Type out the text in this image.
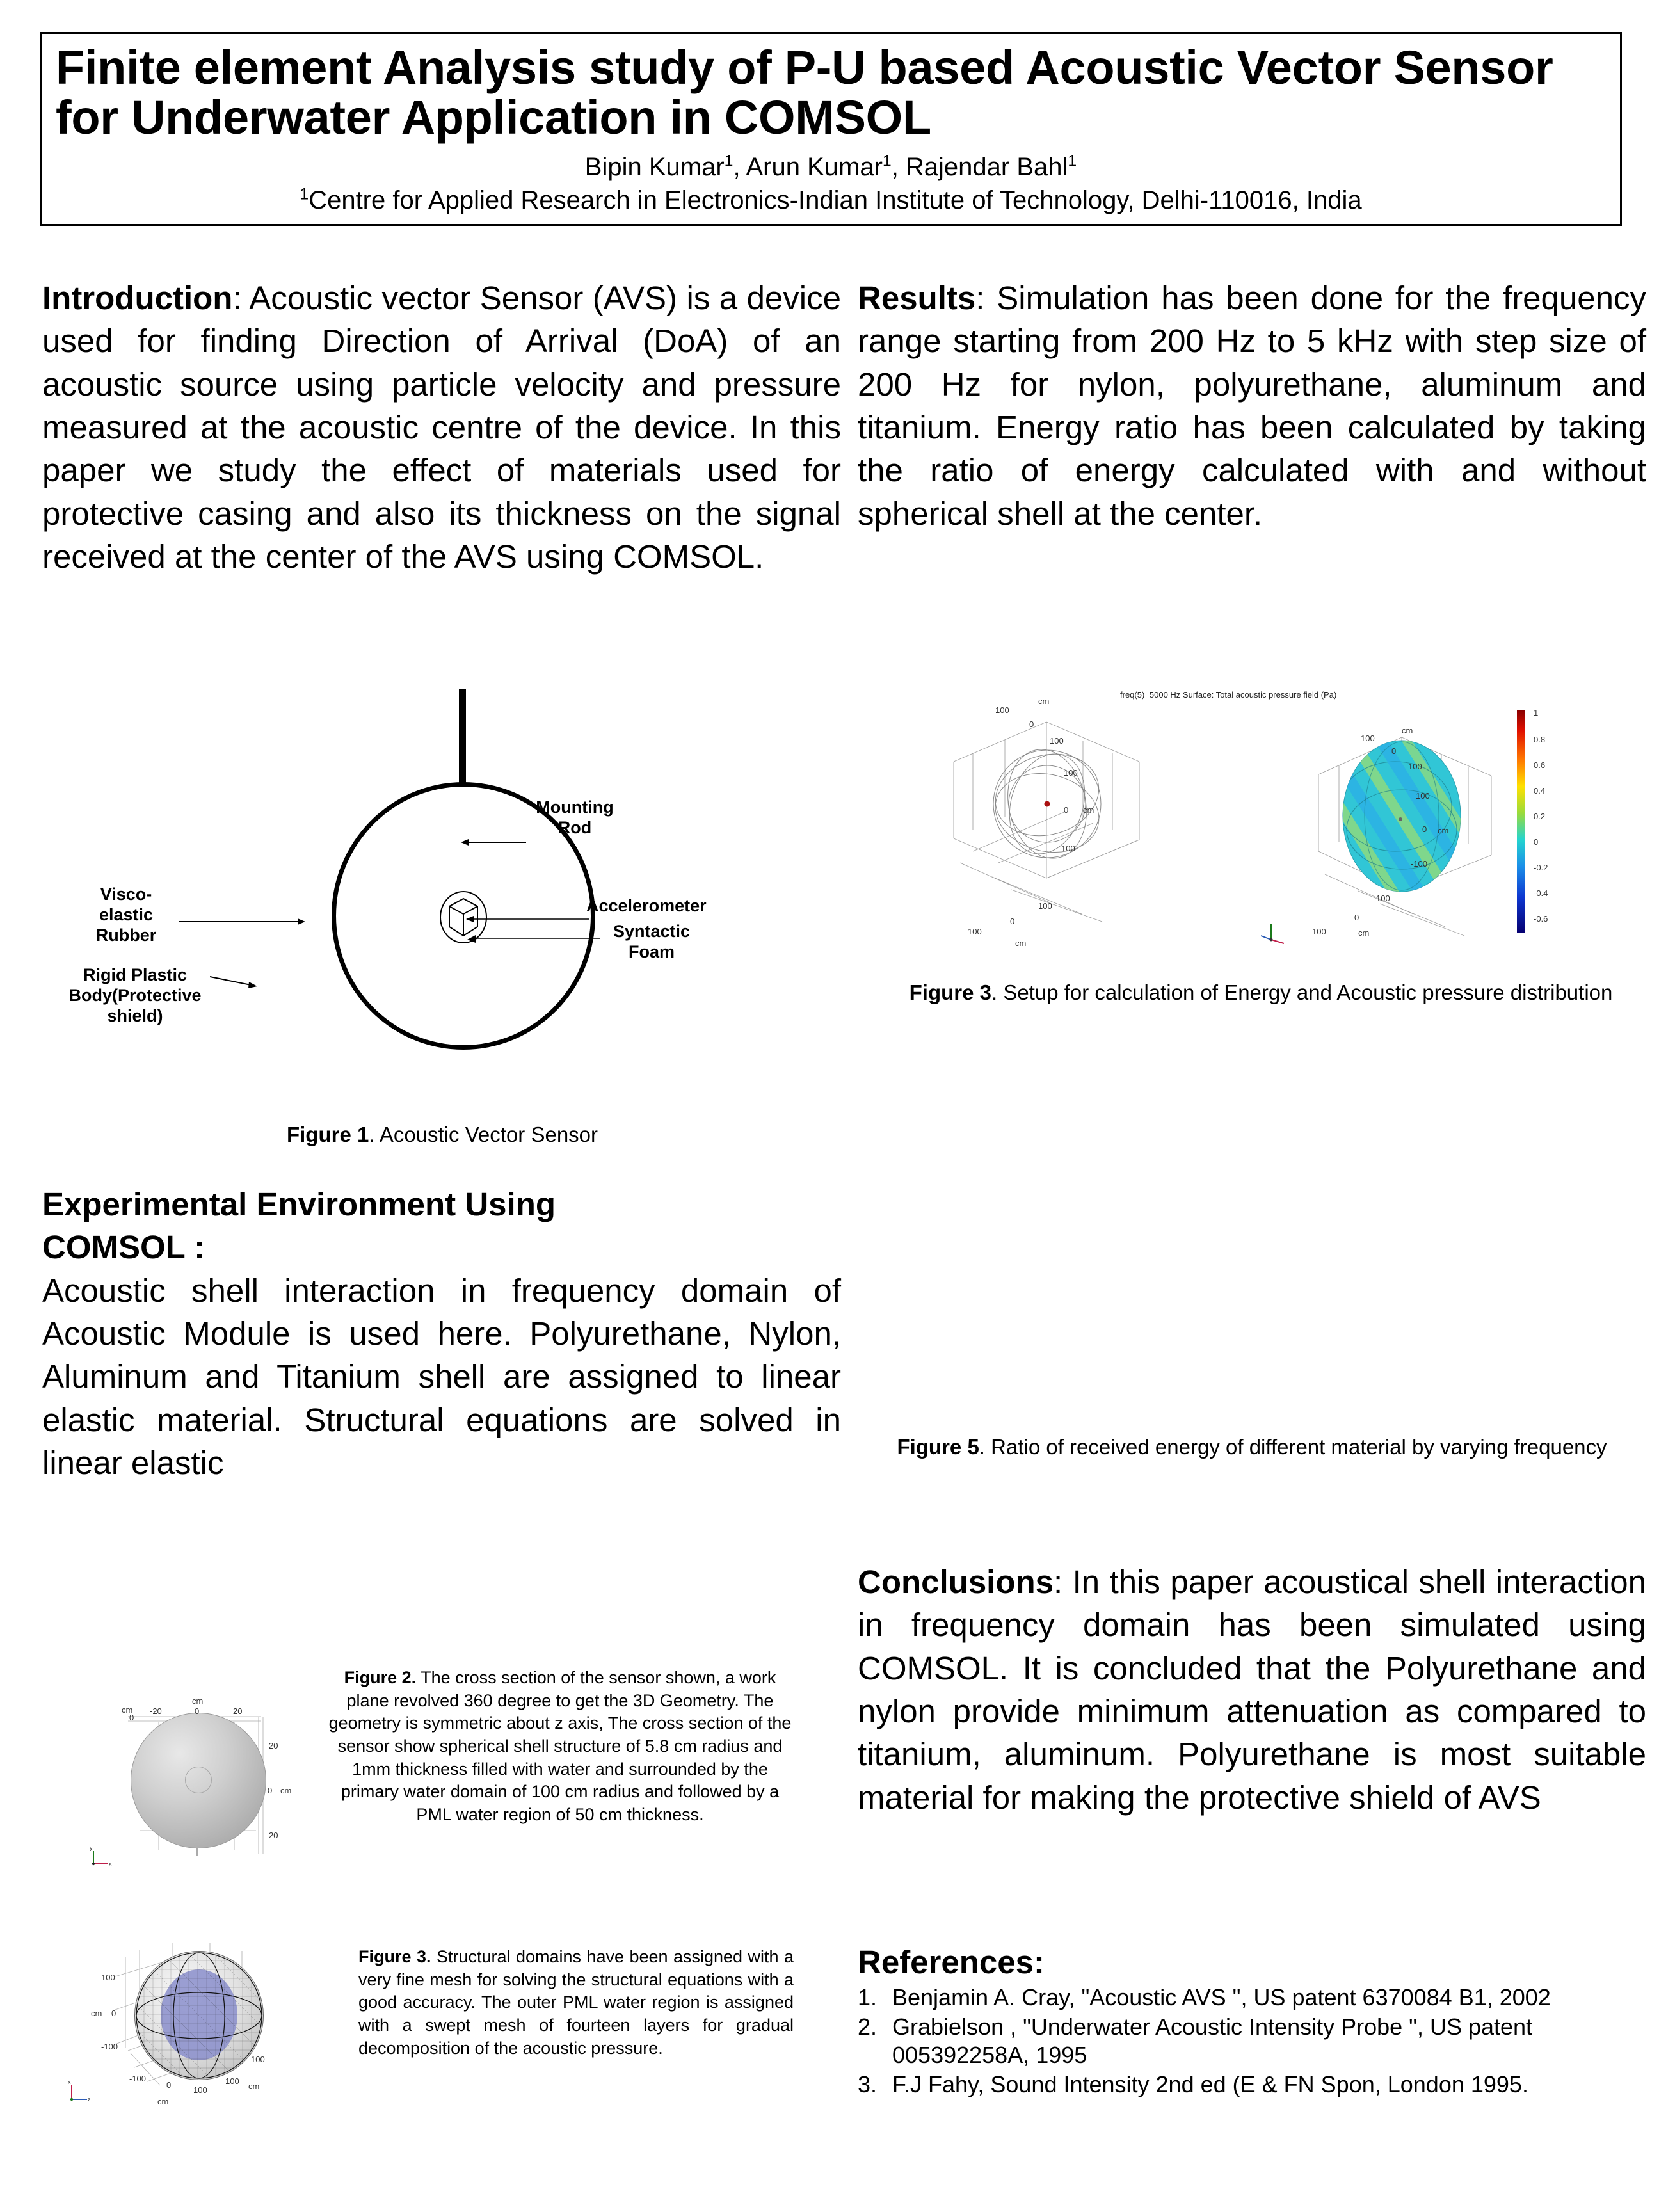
Finite element Analysis study of P-U based Acoustic Vector Sensor for Underwater Application in COMSOL
Bipin Kumar$^1$, Arun Kumar$^1$, Rajendar Bahl$^1$
$^1$Centre for Applied Research in Electronics-Indian Institute of Technology, Delhi-110016, India

Introduction: Acoustic vector Sensor (AVS) is a device used for finding Direction of Arrival (DoA) of an acoustic source using particle velocity and pressure measured at the acoustic centre of the device. In this paper we study the effect of materials used for protective casing and also its thickness on the signal received at the center of the AVS using COMSOL.

Results: Simulation has been done for the frequency range starting from 200 Hz to 5 kHz with step size of 200 Hz for nylon, polyurethane, aluminum and titanium. Energy ratio has been calculated by taking the ratio of energy calculated with and without spherical shell at the center.

Mounting
Rod
Visco-
elastic
Rubber
Rigid Plastic
Body(Protective
shield)
Accelerometer
Syntactic
Foam
Figure 1. Acoustic Vector Sensor
Experimental Environment Using
COMSOL :

Acoustic shell interaction in frequency domain of Acoustic Module is used here. Polyurethane, Nylon, Aluminum and Titanium shell are assigned to linear elastic material. Structural equations are solved in linear elastic

100
cm
0
100
100
0 cm
100
100
0
100
cm
freq(5)=5000 Hz Surface: Total acoustic pressure field (Pa)
100
cm
0
100
100
0 cm
-100
100
0
100	cm
1
0.8
0.6
0.4
0.2
0
-0.2
-0.4
-0.6
Figure 3. Setup for calculation of Energy and Acoustic pressure distribution
Figure 5. Ratio of received energy of different material by varying frequency

Conclusions: In this paper acoustical shell interaction in frequency domain has been simulated using COMSOL. It is concluded that the Polyurethane and nylon provide minimum attenuation as compared to titanium, aluminum. Polyurethane is most suitable material for making the protective shield of AVS

References:
1. Benjamin A. Cray, "Acoustic AVS ", US patent 6370084 B1, 2002
2. Grabielson , "Underwater Acoustic Intensity Probe ", US patent 005392258A, 1995
3. F.J Fahy, Sound Intensity 2nd ed (E & FN Spon, London 1995.
cm
cm -20	0	20
0
20
0 cm
20
y
x
Figure 2. The cross section of the sensor shown, a work plane revolved 360 degree to get the 3D Geometry. The geometry is symmetric about z axis, The cross section of the sensor show spherical shell structure of 5.8 cm radius and 1mm thickness filled with water and surrounded by the primary water domain of 100 cm radius and followed by a PML water region of 50 cm thickness.
100
0
cm
-100
-100
0
100
100
100
cm
cm
x
z
Figure 3. Structural domains have been assigned with a very fine mesh for solving the structural equations with a good accuracy. The outer PML water region is assigned with a swept mesh of fourteen layers for gradual decomposition of the acoustic pressure.
